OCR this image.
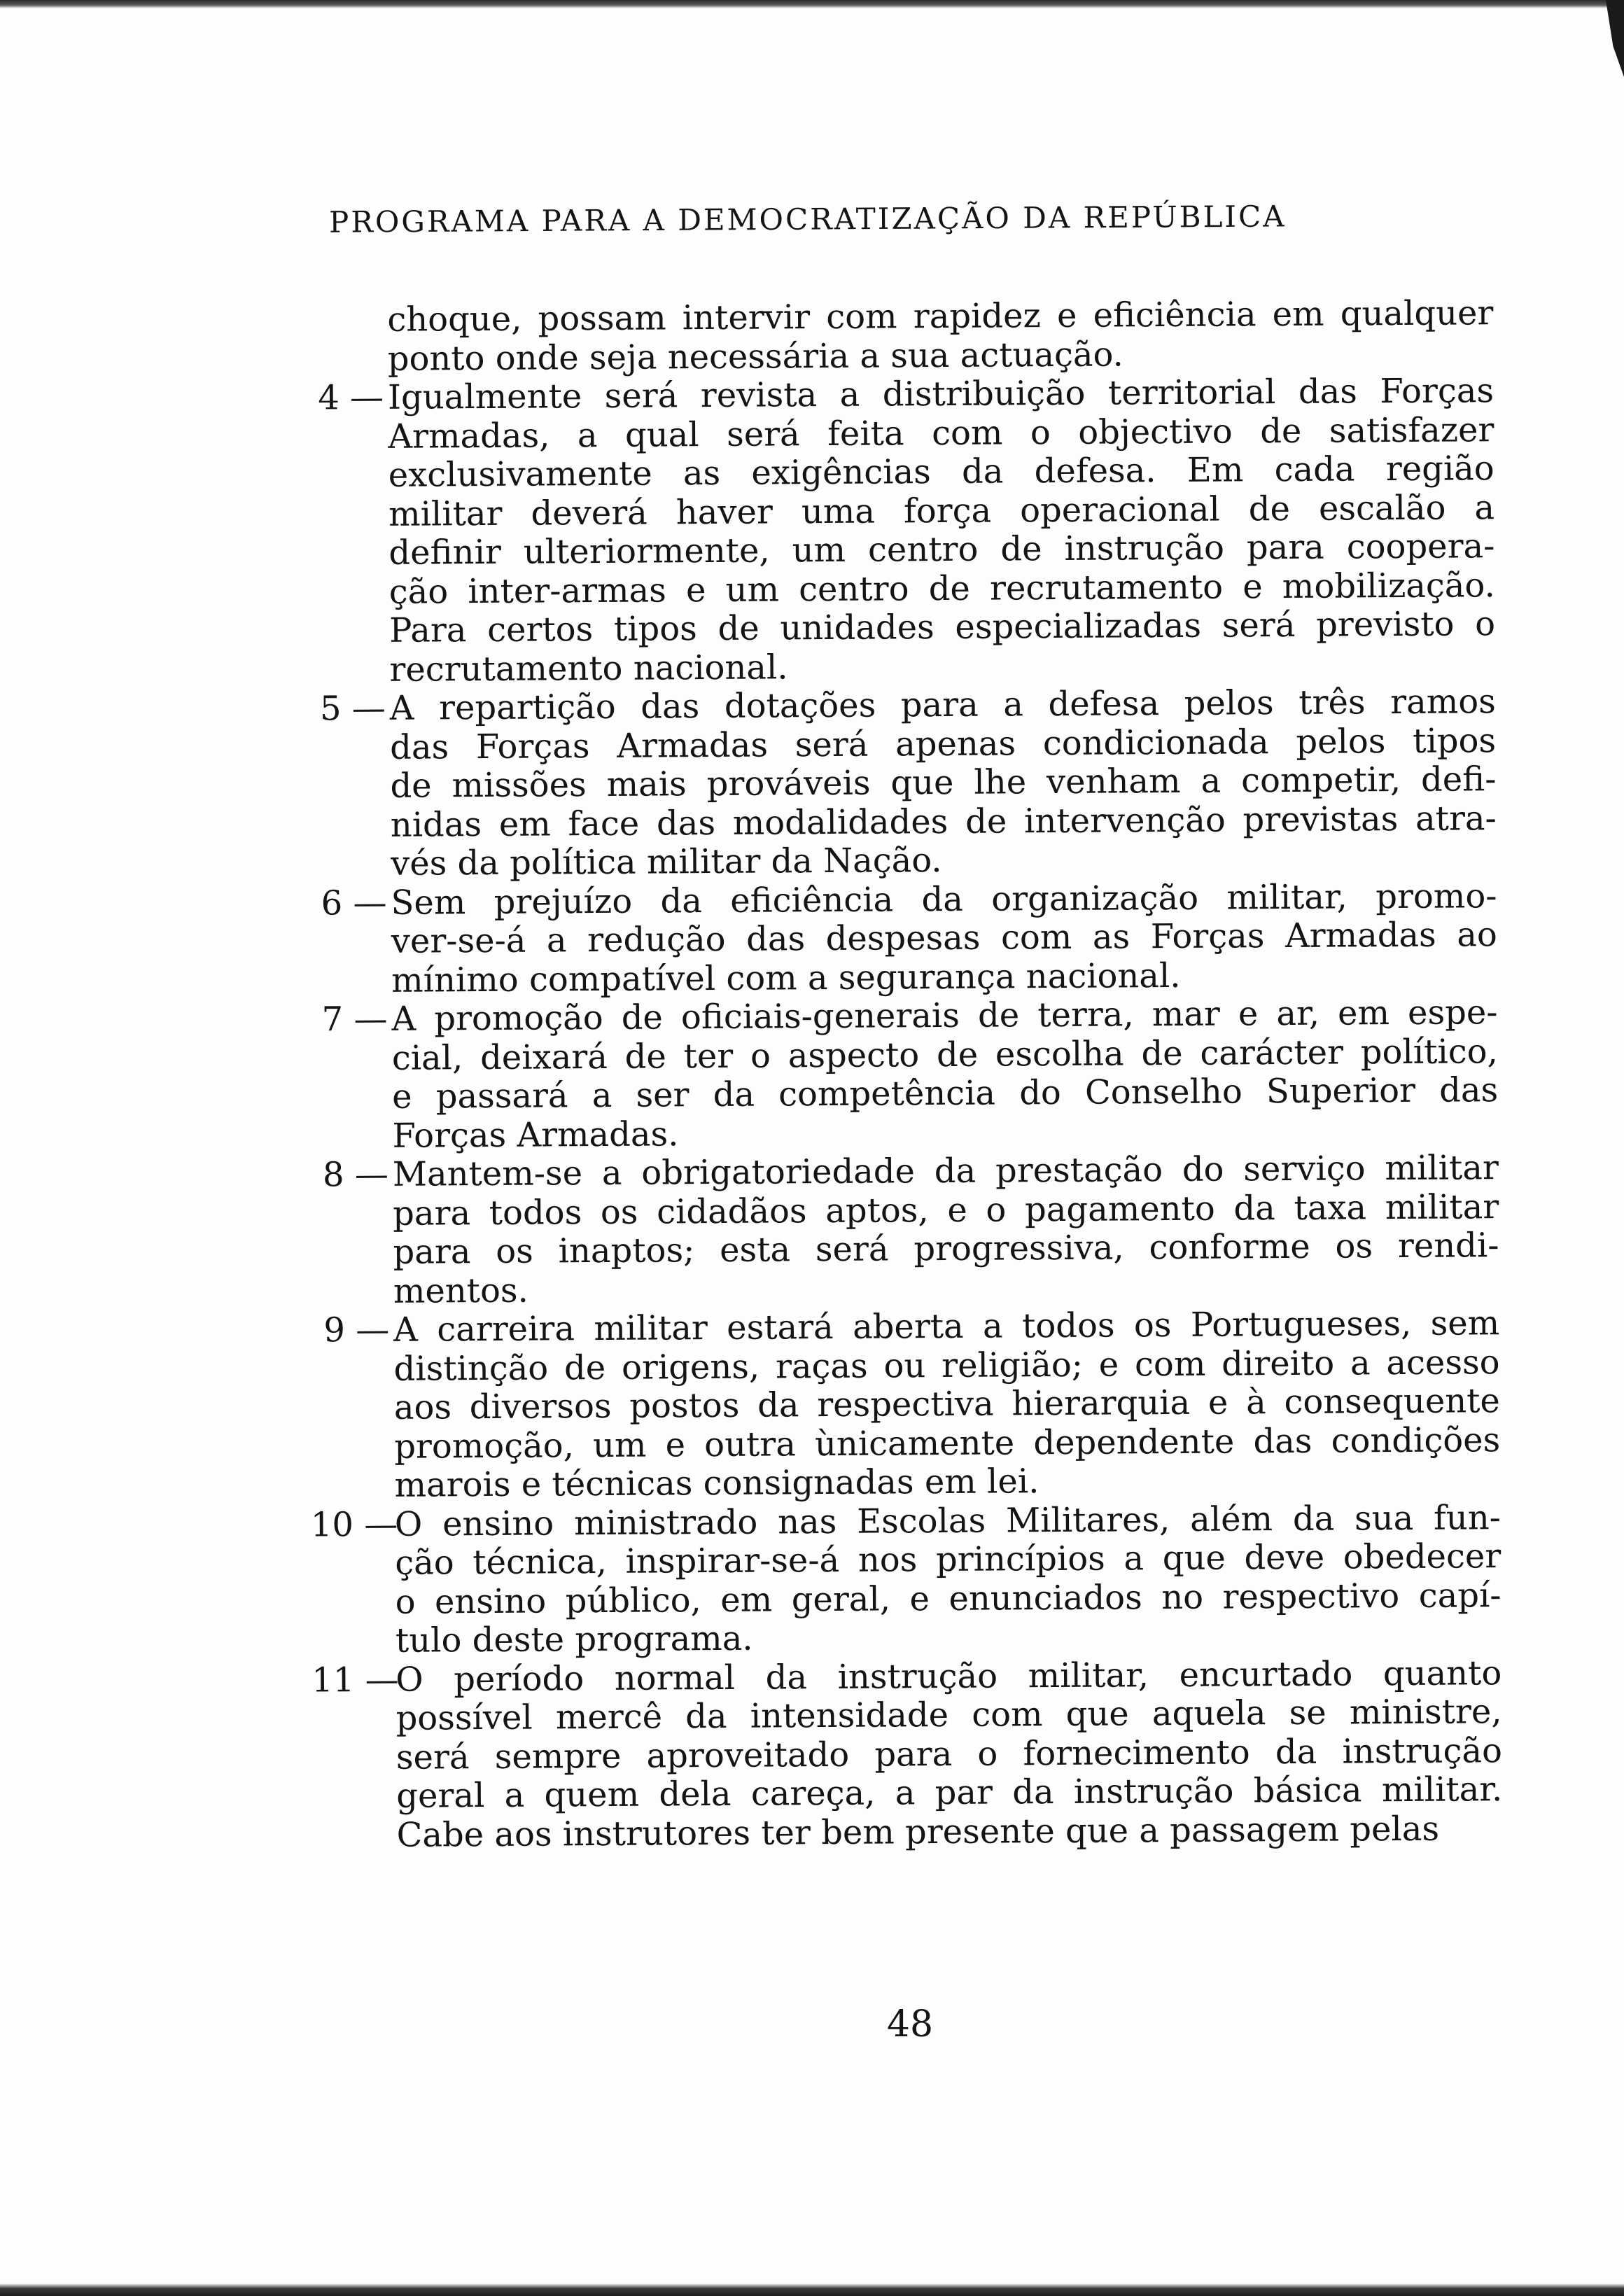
PROGRAMA PARA A DEMOCRATIZAÇÃO DA REPÚBLICA
choque, possam intervir com rapidez e eficiência em qualquer
ponto onde seja necessária a sua actuação.
4 — Igualmente será revista a distribuição territorial das Forças
Armadas, a qual será feita com o objectivo de satisfazer
exclusivamente as exigências da defesa. Em cada região
militar deverá haver uma força operacional de escalão a
definir ulteriormente, um centro de instrução para coopera-
ção inter-armas e um centro de recrutamento e mobilização.
Para certos tipos de unidades especializadas será previsto o
recrutamento nacional.
5 — A repartição das dotações para a defesa pelos três ramos
das Forças Armadas será apenas condicionada pelos tipos
de missões mais prováveis que lhe venham a competir, defi-
nidas em face das modalidades de intervenção previstas atra-
vés da política militar da Nação.
6 — Sem prejuízo da eficiência da organização militar, promo-
ver-se-á a redução das despesas com as Forças Armadas ao
mínimo compatível com a segurança nacional.
7 — A promoção de oficiais-generais de terra, mar e ar, em espe-
cial, deixará de ter o aspecto de escolha de carácter político,
e passará a ser da competência do Conselho Superior das
Forças Armadas.
8 — Mantem-se a obrigatoriedade da prestação do serviço militar
para todos os cidadãos aptos, e o pagamento da taxa militar
para os inaptos; esta será progressiva, conforme os rendi-
mentos.
9 — A carreira militar estará aberta a todos os Portugueses, sem
distinção de origens, raças ou religião; e com direito a acesso
aos diversos postos da respectiva hierarquia e à consequente
promoção, um e outra ùnicamente dependente das condições
marois e técnicas consignadas em lei.
10 —
O ensino ministrado nas Escolas Militares, além da sua fun-
ção técnica, inspirar-se-á nos princípios a que deve obedecer
o ensino público, em geral, e enunciados no respectivo capí-
tulo deste programa.
11 —
O período normal da instrução militar, encurtado quanto
possível mercê da intensidade com que aquela se ministre,
será sempre aproveitado para o fornecimento da instrução
geral a quem dela careça, a par da instrução básica militar.
Cabe aos instrutores ter bem presente que a passagem pelas
48
